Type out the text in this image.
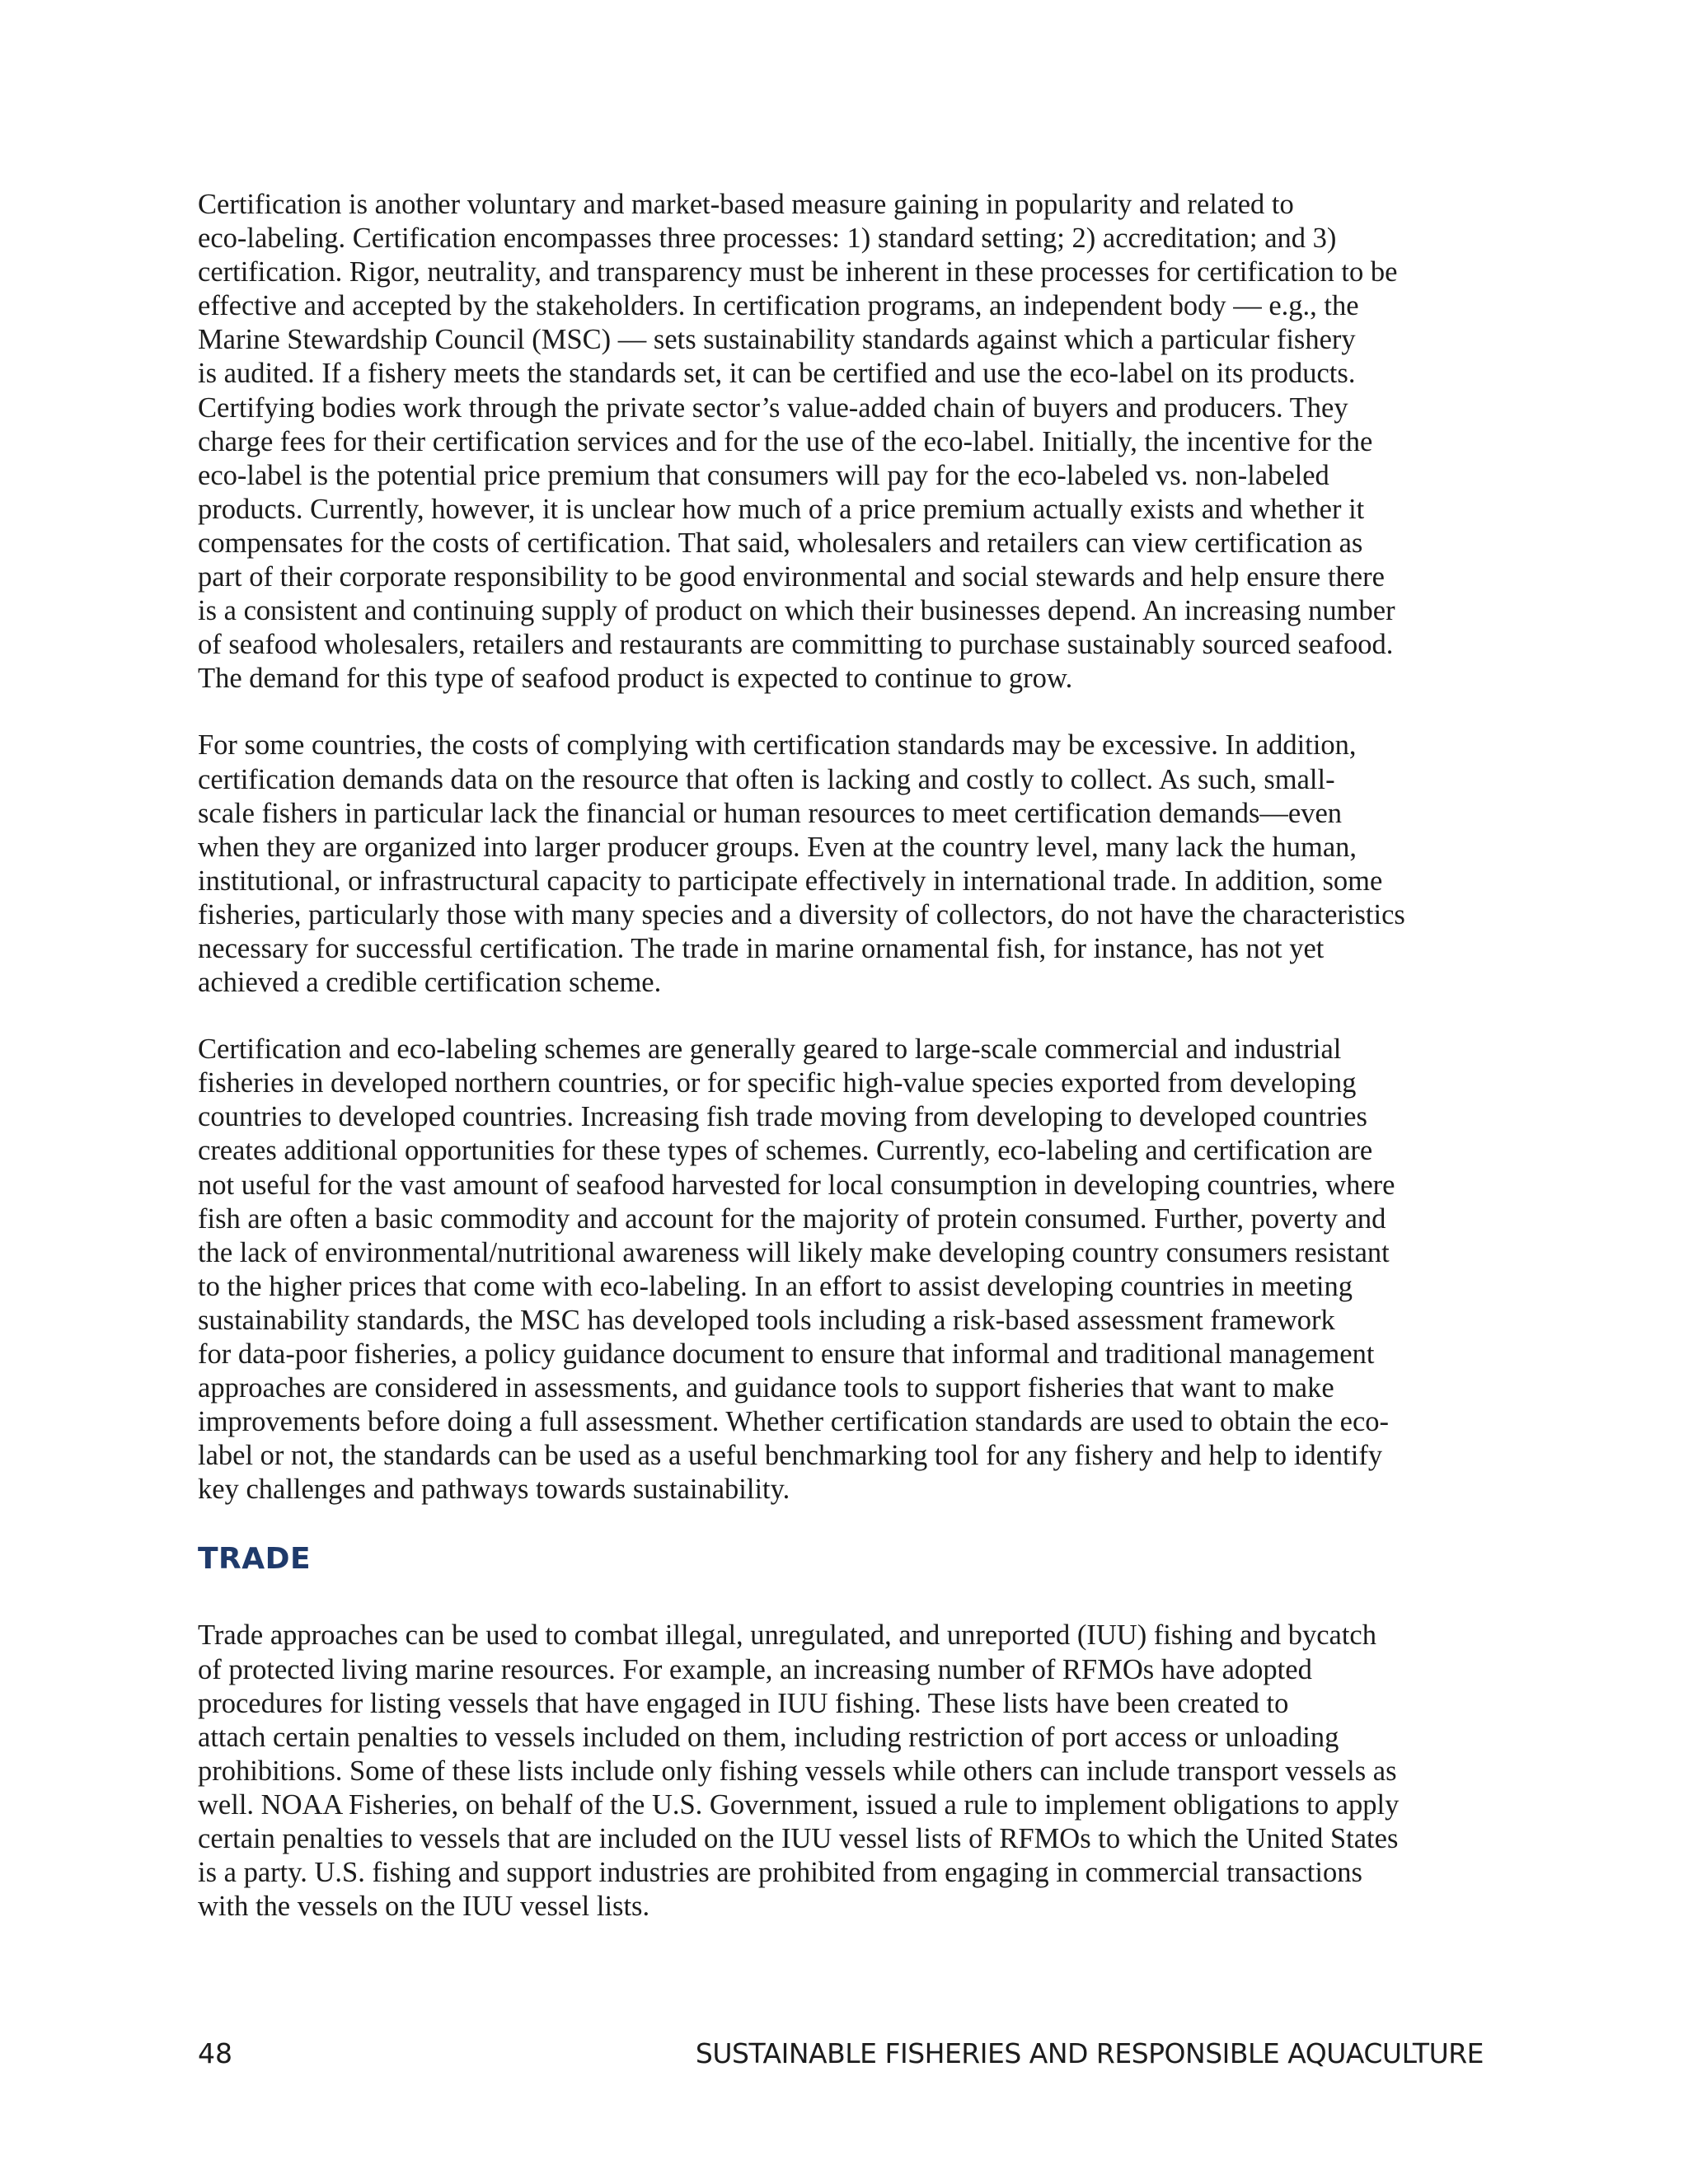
Certification is another voluntary and market-based measure gaining in popularity and related to
eco-labeling. Certification encompasses three processes: 1) standard setting; 2) accreditation; and 3)
certification. Rigor, neutrality, and transparency must be inherent in these processes for certification to be
effective and accepted by the stakeholders. In certification programs, an independent body — e.g., the
Marine Stewardship Council (MSC) — sets sustainability standards against which a particular fishery
is audited. If a fishery meets the standards set, it can be certified and use the eco-label on its products.
Certifying bodies work through the private sector’s value-added chain of buyers and producers. They
charge fees for their certification services and for the use of the eco-label. Initially, the incentive for the
eco-label is the potential price premium that consumers will pay for the eco-labeled vs. non-labeled
products. Currently, however, it is unclear how much of a price premium actually exists and whether it
compensates for the costs of certification. That said, wholesalers and retailers can view certification as
part of their corporate responsibility to be good environmental and social stewards and help ensure there
is a consistent and continuing supply of product on which their businesses depend. An increasing number
of seafood wholesalers, retailers and restaurants are committing to purchase sustainably sourced seafood.
The demand for this type of seafood product is expected to continue to grow.

For some countries, the costs of complying with certification standards may be excessive. In addition,
certification demands data on the resource that often is lacking and costly to collect. As such, small-
scale fishers in particular lack the financial or human resources to meet certification demands—even
when they are organized into larger producer groups. Even at the country level, many lack the human,
institutional, or infrastructural capacity to participate effectively in international trade. In addition, some
fisheries, particularly those with many species and a diversity of collectors, do not have the characteristics
necessary for successful certification. The trade in marine ornamental fish, for instance, has not yet
achieved a credible certification scheme.

Certification and eco-labeling schemes are generally geared to large-scale commercial and industrial
fisheries in developed northern countries, or for specific high-value species exported from developing
countries to developed countries. Increasing fish trade moving from developing to developed countries
creates additional opportunities for these types of schemes. Currently, eco-labeling and certification are
not useful for the vast amount of seafood harvested for local consumption in developing countries, where
fish are often a basic commodity and account for the majority of protein consumed. Further, poverty and
the lack of environmental/nutritional awareness will likely make developing country consumers resistant
to the higher prices that come with eco-labeling. In an effort to assist developing countries in meeting
sustainability standards, the MSC has developed tools including a risk-based assessment framework
for data-poor fisheries, a policy guidance document to ensure that informal and traditional management
approaches are considered in assessments, and guidance tools to support fisheries that want to make
improvements before doing a full assessment. Whether certification standards are used to obtain the eco-
label or not, the standards can be used as a useful benchmarking tool for any fishery and help to identify
key challenges and pathways towards sustainability.

TRADE

Trade approaches can be used to combat illegal, unregulated, and unreported (IUU) fishing and bycatch
of protected living marine resources. For example, an increasing number of RFMOs have adopted
procedures for listing vessels that have engaged in IUU fishing. These lists have been created to
attach certain penalties to vessels included on them, including restriction of port access or unloading
prohibitions. Some of these lists include only fishing vessels while others can include transport vessels as
well. NOAA Fisheries, on behalf of the U.S. Government, issued a rule to implement obligations to apply
certain penalties to vessels that are included on the IUU vessel lists of RFMOs to which the United States
is a party. U.S. fishing and support industries are prohibited from engaging in commercial transactions
with the vessels on the IUU vessel lists.

48	SUSTAINABLE FISHERIES AND RESPONSIBLE AQUACULTURE
